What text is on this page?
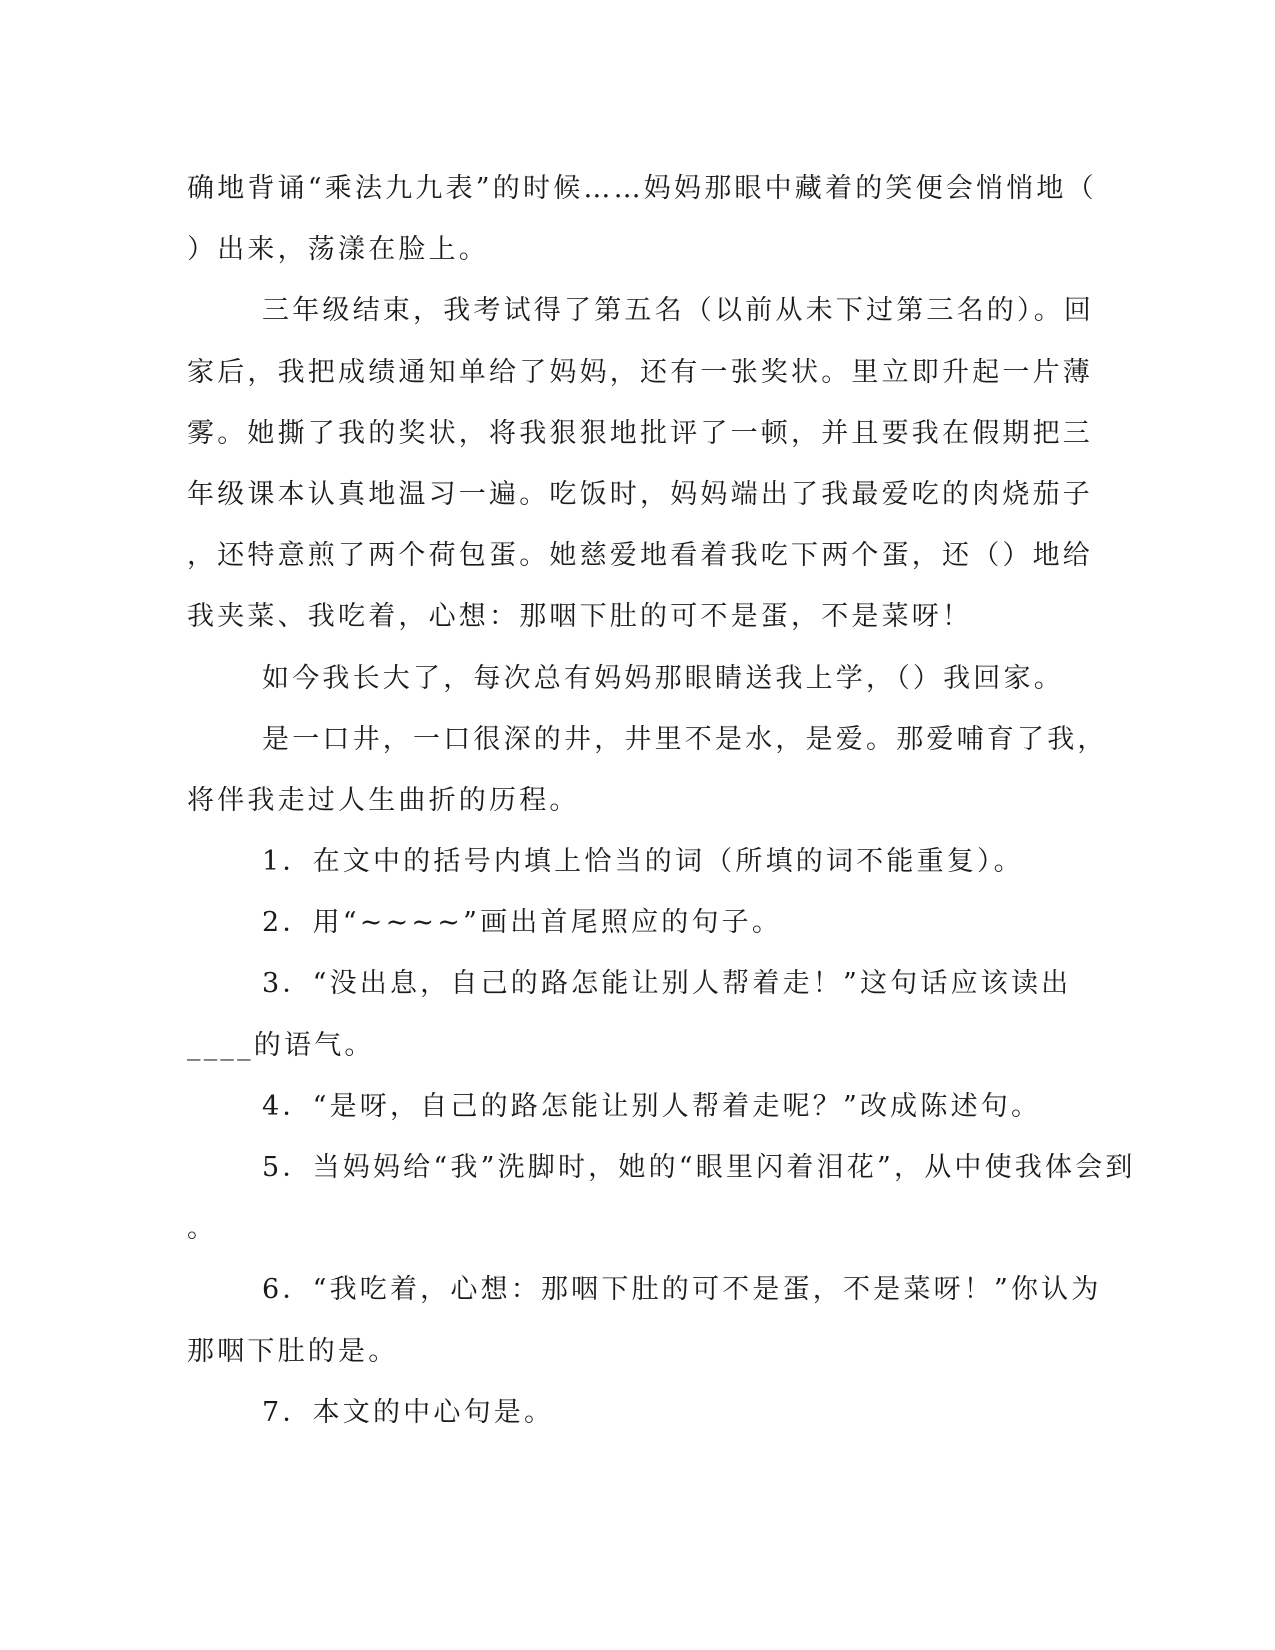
确地背诵“乘法九九表”的时候……妈妈那眼中藏着的笑便会悄悄地（
）出来，荡漾在脸上。
三年级结束，我考试得了第五名（以前从未下过第三名的）。回
家后，我把成绩通知单给了妈妈，还有一张奖状。里立即升起一片薄
雾。她撕了我的奖状，将我狠狠地批评了一顿，并且要我在假期把三
年级课本认真地温习一遍。吃饭时，妈妈端出了我最爱吃的肉烧茄子
，还特意煎了两个荷包蛋。她慈爱地看着我吃下两个蛋，还（）地给
我夹菜、我吃着，心想：那咽下肚的可不是蛋，不是菜呀！
如今我长大了，每次总有妈妈那眼睛送我上学，（）我回家。
是一口井，一口很深的井，井里不是水，是爱。那爱哺育了我，
将伴我走过人生曲折的历程。
1．在文中的括号内填上恰当的词（所填的词不能重复）。
2．用“~~~~”画出首尾照应的句子。
3．“没出息，自己的路怎能让别人帮着走！”这句话应该读出
____的语气。
4．“是呀，自己的路怎能让别人帮着走呢？”改成陈述句。
5．当妈妈给“我”洗脚时，她的“眼里闪着泪花”，从中使我体会到
。
6．“我吃着，心想：那咽下肚的可不是蛋，不是菜呀！”你认为
那咽下肚的是。
7．本文的中心句是。
